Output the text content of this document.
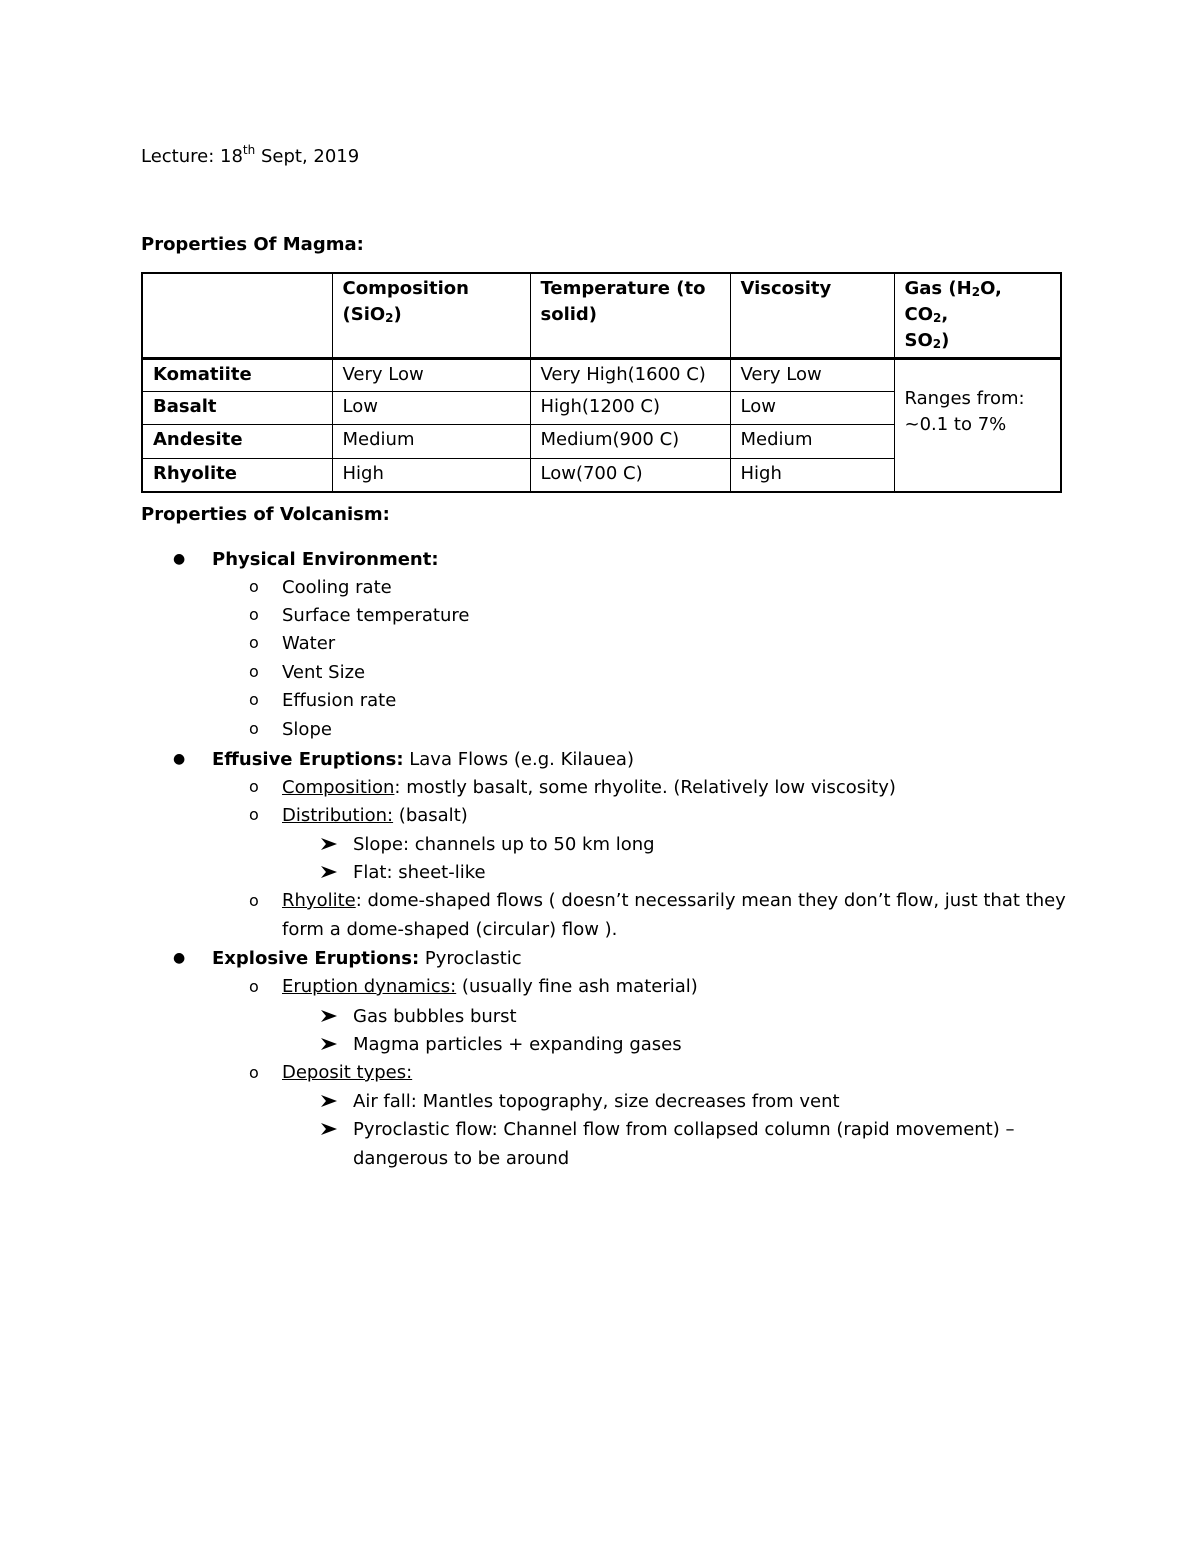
Lecture: 18th Sept, 2019
Properties Of Magma:
	Composition (SiO$_2$)	Temperature (to solid)	Viscosity	Gas ($H_2O$, $CO_2$,
$SO_2$)
Komatiite	Very Low	Very High(1600 C)	Very Low	Ranges from:
~0.1 to 7%
Basalt	Low	High(1200 C)	Low	
Andesite	Medium	Medium(900 C)	Medium	
Rhyolite	High	Low(700 C)	High	
Properties of Volcanism:
● Physical Environment:
o Cooling rate
o Surface temperature
o Water
o Vent Size
o Effusion rate
o Slope
● Effusive Eruptions: Lava Flows (e.g. Kilauea)
o Composition: mostly basalt, some rhyolite. (Relatively low viscosity)
o Distribution: (basalt)
Slope: channels up to 50 km long
Flat: sheet-like
o Rhyolite: dome-shaped flows ( doesn’t necessarily mean they don’t flow, just that they
form a dome-shaped (circular) flow ).
● Explosive Eruptions: Pyroclastic
o Eruption dynamics: (usually fine ash material)
Gas bubbles burst
Magma particles + expanding gases
o Deposit types:
Air fall: Mantles topography, size decreases from vent
Pyroclastic flow: Channel flow from collapsed column (rapid movement) –
dangerous to be around
